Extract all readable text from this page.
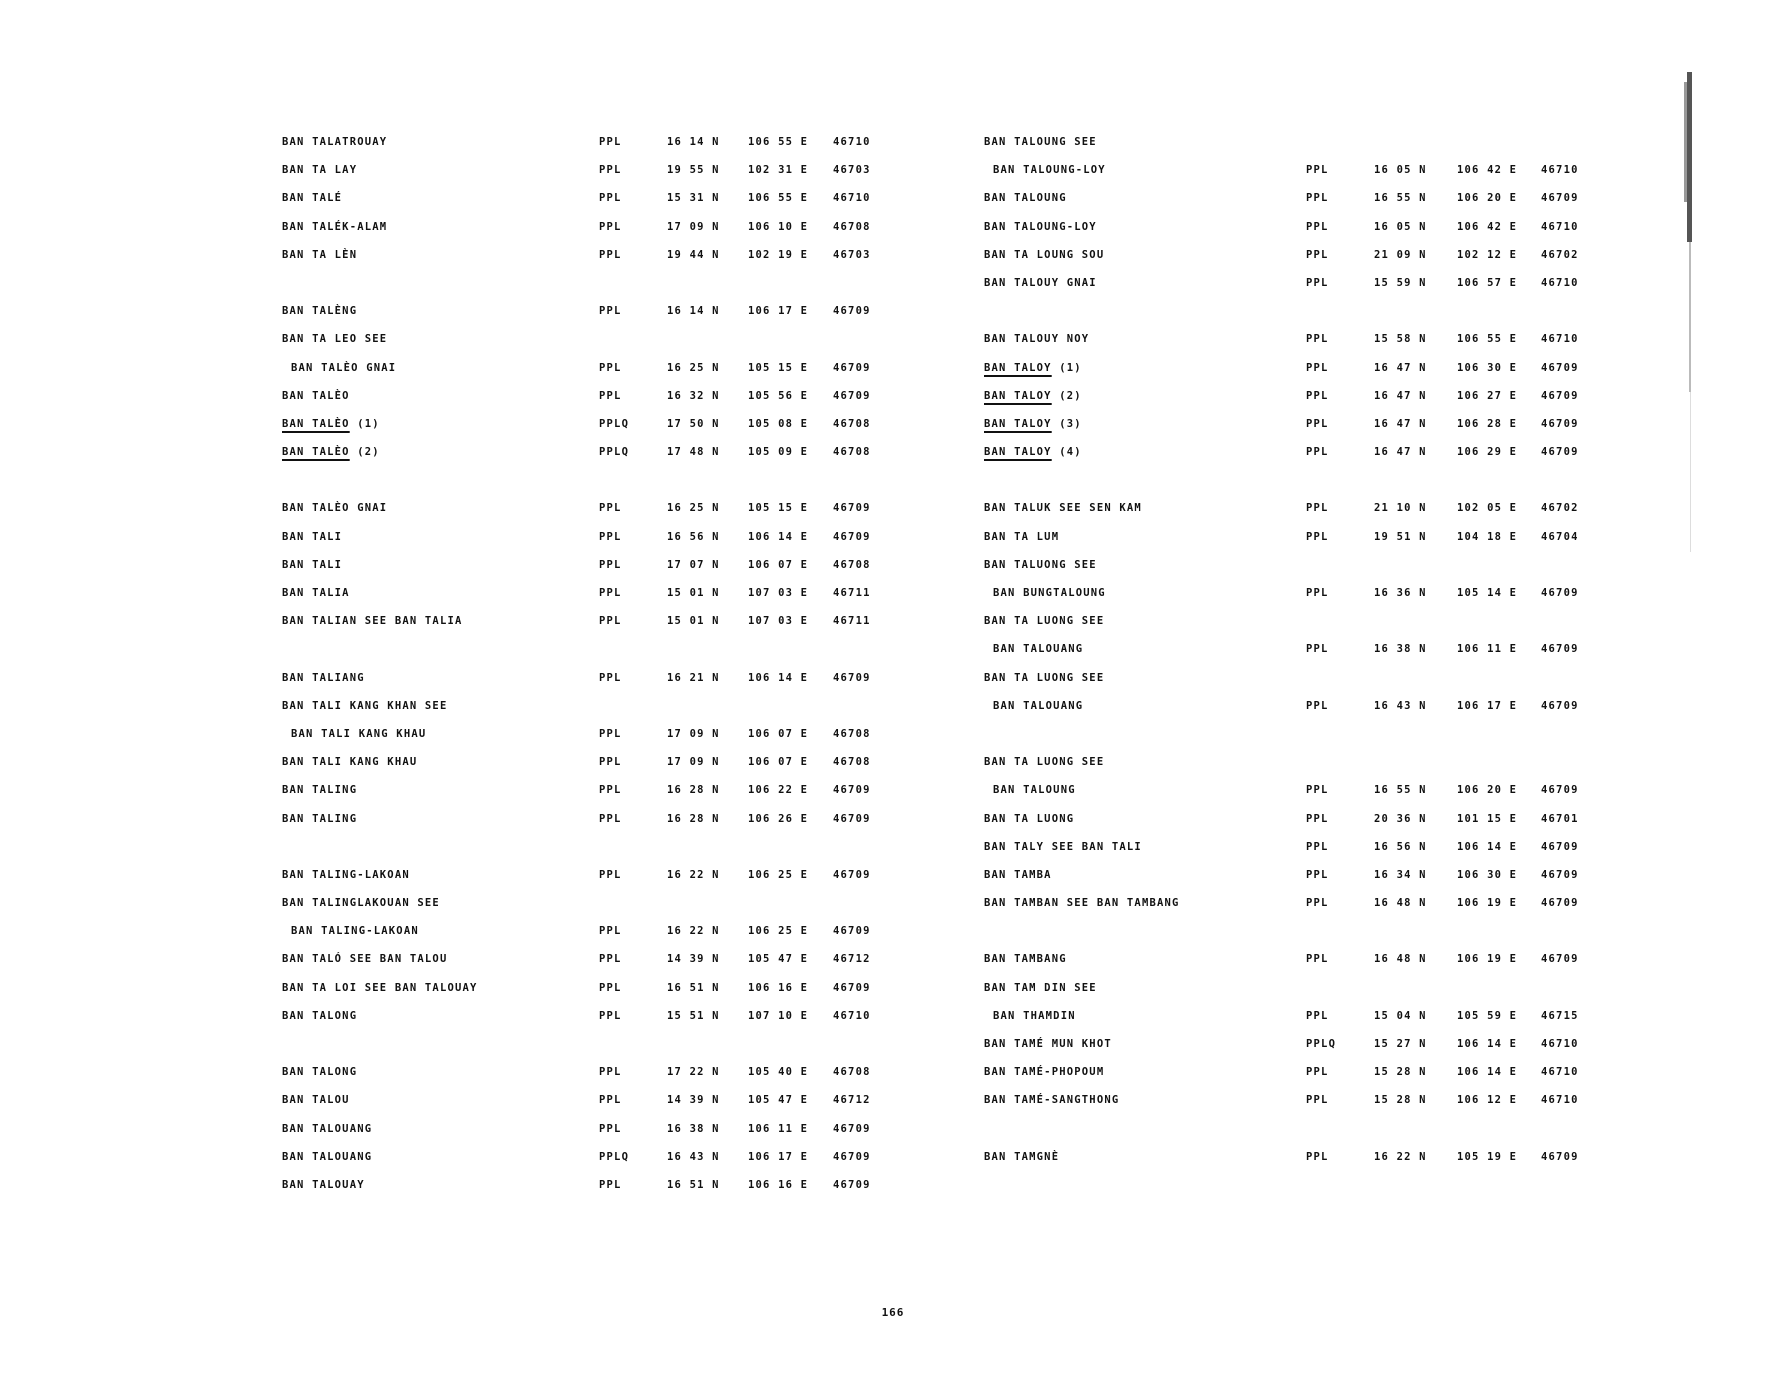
BAN TALATROUAY	PPL	16 14 N	106 55 E 46710
BAN TA LAY	PPL	19 55 N	102 31 E 46703
BAN TALÉ	PPL	15 31 N	106 55 E 46710
BAN TALÉK-ALAM	PPL	17 09 N	106 10 E 46708
BAN TA LÈN	PPL	19 44 N	102 19 E 46703
BAN TALÈNG	PPL	16 14 N	106 17 E 46709
BAN TA LEO SEE
BAN TALÈO GNAI	PPL	16 25 N	105 15 E 46709
BAN TALÈO	PPL	16 32 N	105 56 E 46709
BAN TALÈO (1)	PPLQ	17 50 N	105 08 E 46708
BAN TALÈO (2)	PPLQ	17 48 N	105 09 E 46708
BAN TALÈO GNAI	PPL	16 25 N	105 15 E 46709
BAN TALI	PPL	16 56 N	106 14 E 46709
BAN TALI	PPL	17 07 N	106 07 E 46708
BAN TALIA	PPL	15 01 N	107 03 E 46711
BAN TALIAN SEE BAN TALIA	PPL	15 01 N	107 03 E 46711
BAN TALIANG	PPL	16 21 N	106 14 E 46709
BAN TALI KANG KHAN SEE
BAN TALI KANG KHAU	PPL	17 09 N	106 07 E 46708
BAN TALI KANG KHAU	PPL	17 09 N	106 07 E 46708
BAN TALING	PPL	16 28 N	106 22 E 46709
BAN TALING	PPL	16 28 N	106 26 E 46709
BAN TALING-LAKOAN	PPL	16 22 N	106 25 E 46709
BAN TALINGLAKOUAN SEE
BAN TALING-LAKOAN	PPL	16 22 N	106 25 E 46709
BAN TALÓ SEE BAN TALOU	PPL	14 39 N	105 47 E 46712
BAN TA LOI SEE BAN TALOUAY	PPL	16 51 N	106 16 E 46709
BAN TALONG	PPL	15 51 N	107 10 E 46710
BAN TALONG	PPL	17 22 N	105 40 E 46708
BAN TALOU	PPL	14 39 N	105 47 E 46712
BAN TALOUANG	PPL	16 38 N	106 11 E 46709
BAN TALOUANG	PPLQ	16 43 N	106 17 E 46709
BAN TALOUAY	PPL	16 51 N	106 16 E 46709
BAN TALOUNG SEE
BAN TALOUNG-LOY	PPL	16 05 N	106 42 E 46710
BAN TALOUNG	PPL	16 55 N	106 20 E 46709
BAN TALOUNG-LOY	PPL	16 05 N	106 42 E 46710
BAN TA LOUNG SOU	PPL	21 09 N	102 12 E 46702
BAN TALOUY GNAI	PPL	15 59 N	106 57 E 46710
BAN TALOUY NOY	PPL	15 58 N	106 55 E 46710
BAN TALOY (1)	PPL	16 47 N	106 30 E 46709
BAN TALOY (2)	PPL	16 47 N	106 27 E 46709
BAN TALOY (3)	PPL	16 47 N	106 28 E 46709
BAN TALOY (4)	PPL	16 47 N	106 29 E 46709
BAN TALUK SEE SEN KAM	PPL	21 10 N	102 05 E 46702
BAN TA LUM	PPL	19 51 N	104 18 E 46704
BAN TALUONG SEE
BAN BUNGTALOUNG	PPL	16 36 N	105 14 E 46709
BAN TA LUONG SEE
BAN TALOUANG	PPL	16 38 N	106 11 E 46709
BAN TA LUONG SEE
BAN TALOUANG	PPL	16 43 N	106 17 E 46709
BAN TA LUONG SEE
BAN TALOUNG	PPL	16 55 N	106 20 E 46709
BAN TA LUONG	PPL	20 36 N	101 15 E 46701
BAN TALY SEE BAN TALI	PPL	16 56 N	106 14 E 46709
BAN TAMBA	PPL	16 34 N	106 30 E 46709
BAN TAMBAN SEE BAN TAMBANG	PPL	16 48 N	106 19 E 46709
BAN TAMBANG	PPL	16 48 N	106 19 E 46709
BAN TAM DIN SEE
BAN THAMDIN	PPL	15 04 N	105 59 E 46715
BAN TAMÉ MUN KHOT	PPLQ	15 27 N	106 14 E 46710
BAN TAMÉ-PHOPOUM	PPL	15 28 N	106 14 E 46710
BAN TAMÉ-SANGTHONG	PPL	15 28 N	106 12 E 46710
BAN TAMGNÈ	PPL	16 22 N	105 19 E 46709
166
